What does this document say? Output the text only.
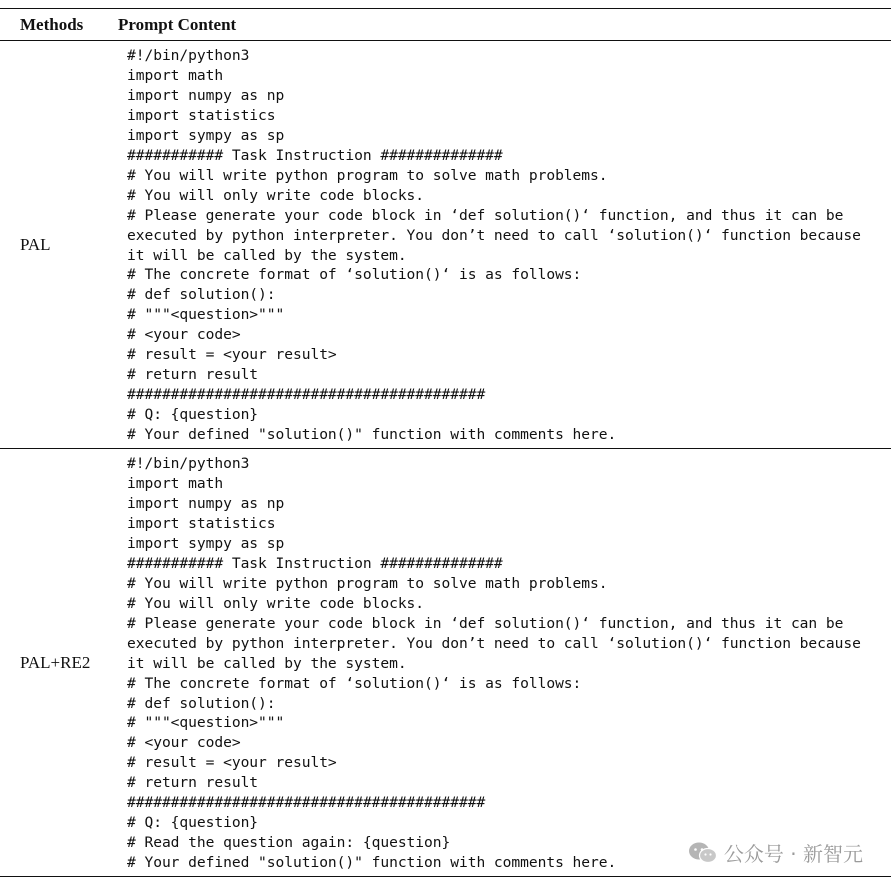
Methods	Prompt Content
PAL
#!/bin/python3
import math
import numpy as np
import statistics
import sympy as sp
########### Task Instruction ##############
# You will write python program to solve math problems.
# You will only write code blocks.
# Please generate your code block in ‘def solution()‘ function, and thus it can be
executed by python interpreter. You don’t need to call ‘solution()‘ function because
it will be called by the system.
# The concrete format of ‘solution()‘ is as follows:
# def solution():
# """<question>"""
# <your code>
# result = <your result>
# return result
#########################################
# Q: {question}
# Your defined "solution()" function with comments here.
PAL+RE2
#!/bin/python3
import math
import numpy as np
import statistics
import sympy as sp
########### Task Instruction ##############
# You will write python program to solve math problems.
# You will only write code blocks.
# Please generate your code block in ‘def solution()‘ function, and thus it can be
executed by python interpreter. You don’t need to call ‘solution()‘ function because
it will be called by the system.
# The concrete format of ‘solution()‘ is as follows:
# def solution():
# """<question>"""
# <your code>
# result = <your result>
# return result
#########################################
# Q: {question}
# Read the question again: {question}
# Your defined "solution()" function with comments here.	公众号 · 新智元
